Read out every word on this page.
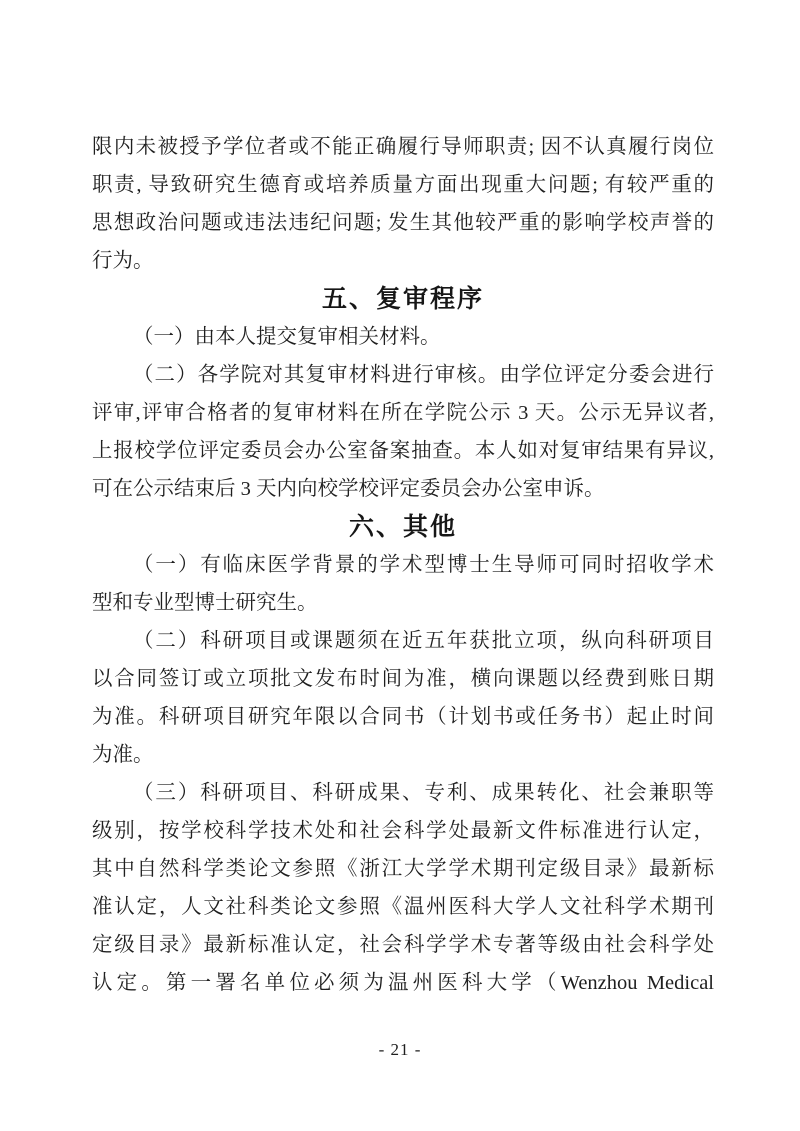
限内未被授予学位者或不能正确履行导师职责; 因不认真履行岗位
职责, 导致研究生德育或培养质量方面出现重大问题; 有较严重的
思想政治问题或违法违纪问题; 发生其他较严重的影响学校声誉的
行为。
五、复审程序
（一）由本人提交复审相关材料。
（二）各学院对其复审材料进行审核。由学位评定分委会进行
评审,评审合格者的复审材料在所在学院公示 3 天。公示无异议者,
上报校学位评定委员会办公室备案抽查。本人如对复审结果有异议,
可在公示结束后 3 天内向校学校评定委员会办公室申诉。
六、其他
（一）有临床医学背景的学术型博士生导师可同时招收学术
型和专业型博士研究生。
（二）科研项目或课题须在近五年获批立项，纵向科研项目
以合同签订或立项批文发布时间为准，横向课题以经费到账日期
为准。科研项目研究年限以合同书（计划书或任务书）起止时间
为准。
（三）科研项目、科研成果、专利、成果转化、社会兼职等
级别，按学校科学技术处和社会科学处最新文件标准进行认定，
其中自然科学类论文参照《浙江大学学术期刊定级目录》最新标
准认定，人文社科类论文参照《温州医科大学人文社科学术期刊
定级目录》最新标准认定，社会科学学术专著等级由社会科学处
认定。第一署名单位必须为温州医科大学（Wenzhou Medical
- 21 -
